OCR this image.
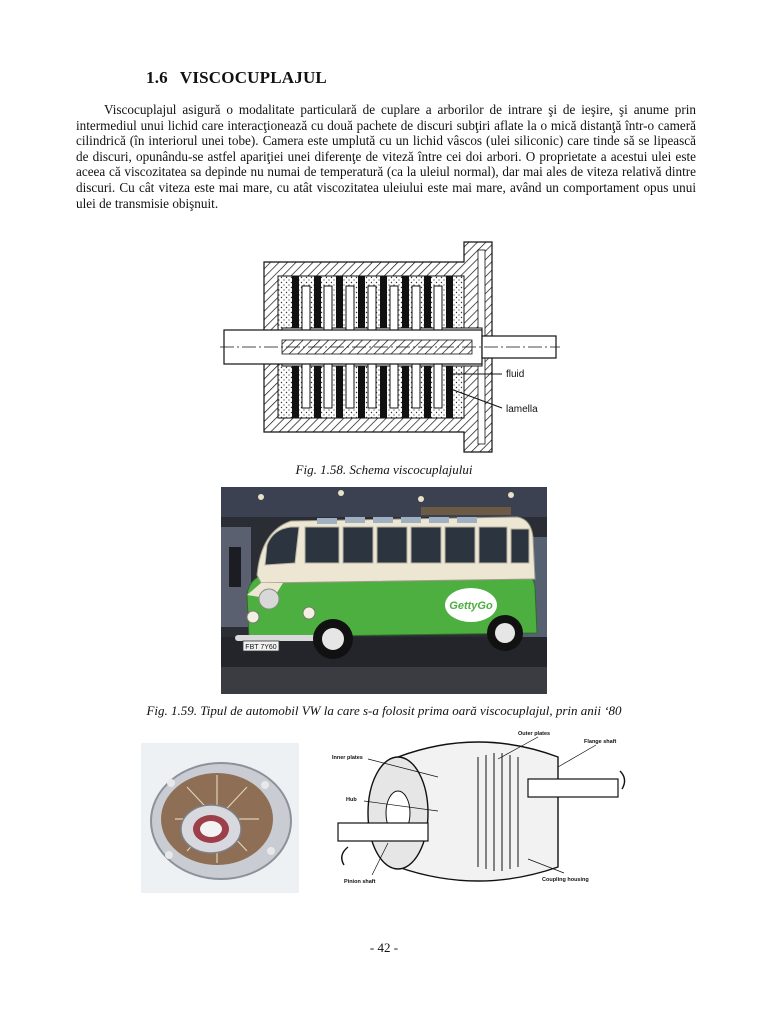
1.6 VISCOCUPLAJUL

Viscocuplajul asigură o modalitate particulară de cuplare a arborilor de intrare şi de ieşire, şi anume prin intermediul unui lichid care interacţionează cu două pachete de discuri subţiri aflate la o mică distanţă într-o cameră cilindrică (în interiorul unei tobe). Camera este umplută cu un lichid vâscos (ulei siliconic) care tinde să se lipească de discuri, opunându-se astfel apariţiei unei diferenţe de viteză între cei doi arbori. O proprietate a acestui ulei este aceea că viscozitatea sa depinde nu numai de temperatură (ca la uleiul normal), dar mai ales de viteza relativă dintre discuri. Cu cât viteza este mai mare, cu atât viscozitatea uleiului este mai mare, având un comportament opus unui ulei de transmisie obişnuit.

fluid
lamella
Fig. 1.58. Schema viscocuplajului
GettyGo
FBT 7Y60
Fig. 1.59. Tipul de automobil VW la care s-a folosit prima oară viscocuplajul, prin anii ‘80
Inner plates
Outer plates
Flange shaft
Hub
Pinion shaft	Coupling housing
- 42 -
